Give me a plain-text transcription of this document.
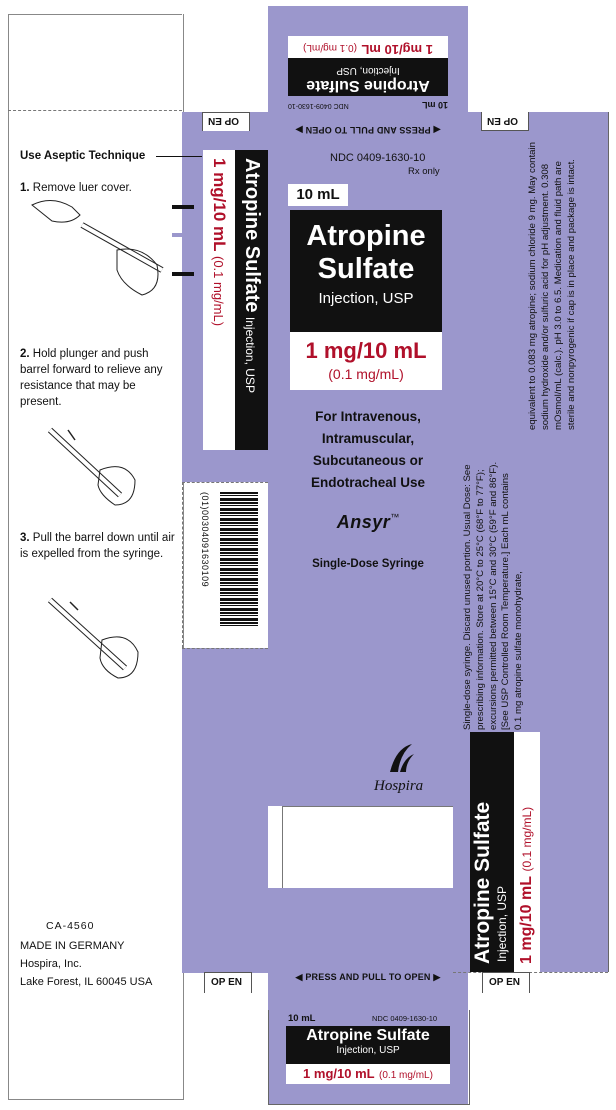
10 mL
NDC 0409-1630-10
Atropine Sulfate
Injection, USP
1 mg/10 mL (0.1 mg/mL)
OP EN	OP EN
◀ PRESS AND PULL TO OPEN ▶
Use Aseptic Technique
1. Remove luer cover.
2. Hold plunger and push barrel forward to relieve any resistance that may be present.
3. Pull the barrel down until air is expelled from the syringe.
CA-4560
MADE IN GERMANY
Hospira, Inc.
Lake Forest, IL 60045 USA
Atropine Sulfate Injection, USP
1 mg/10 mL (0.1 mg/mL)
(01)00304091630109
NDC 0409-1630-10
Rx only
10 mL
Atropine
Sulfate
Injection, USP
1 mg/10 mL
(0.1 mg/mL)
For Intravenous,
Intramuscular,
Subcutaneous or
Endotracheal Use
Ansyr™
Single-Dose Syringe
Hospira
equivalent to 0.083 mg atropine; sodium chloride 9 mg. May contain sodium hydroxide and/or sulfuric acid for pH adjustment. 0.308 mOsmol/mL (calc.). pH 3.0 to 6.5. Medication and fluid path are sterile and nonpyrogenic if cap is in place and package is intact.
Single-dose syringe. Discard unused portion. Usual Dose: See prescribing information. Store at 20°C to 25°C (68°F to 77°F); excursions permitted between 15°C and 30°C (59°F and 86°F). [See USP Controlled Room Temperature.] Each mL contains 0.1 mg atropine sulfate monohydrate,
Atropine Sulfate Injection, USP 1 mg/10 mL (0.1 mg/mL)
OP EN	OP EN
◀ PRESS AND PULL TO OPEN ▶
10 mL	NDC 0409-1630-10
Atropine Sulfate
Injection, USP
1 mg/10 mL (0.1 mg/mL)
